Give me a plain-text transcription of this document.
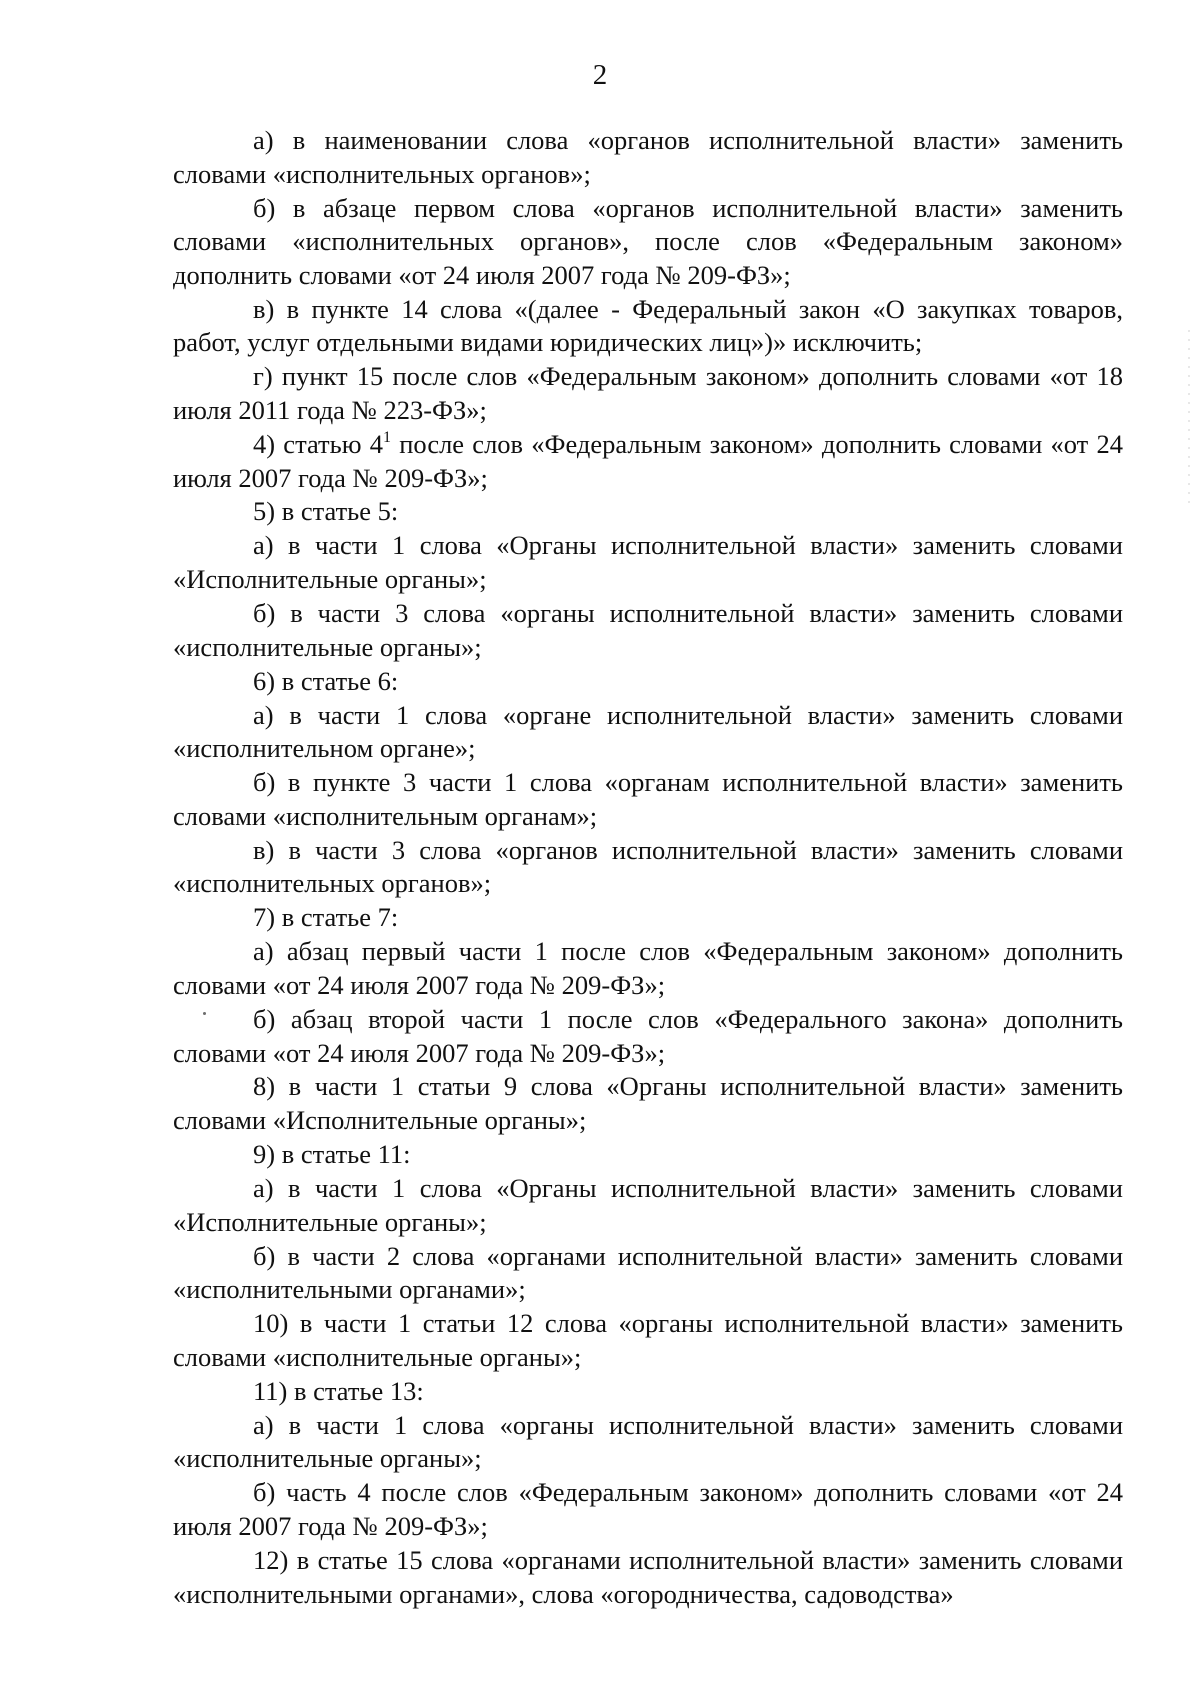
2

а) в наименовании слова «органов исполнительной власти» заменить словами «исполнительных органов»;

б) в абзаце первом слова «органов исполнительной власти» заменить словами «исполнительных органов», после слов «Федеральным законом» дополнить словами «от 24 июля 2007 года № 209-ФЗ»;

в) в пункте 14 слова «(далее - Федеральный закон «О закупках товаров, работ, услуг отдельными видами юридических лиц»)» исключить;

г) пункт 15 после слов «Федеральным законом» дополнить словами «от 18 июля 2011 года № 223-ФЗ»;

4) статью $4^1$ после слов «Федеральным законом» дополнить словами «от 24 июля 2007 года № 209-ФЗ»;

5) в статье 5:

а) в части 1 слова «Органы исполнительной власти» заменить словами «Исполнительные органы»;

б) в части 3 слова «органы исполнительной власти» заменить словами «исполнительные органы»;

6) в статье 6:

а) в части 1 слова «органе исполнительной власти» заменить словами «исполнительном органе»;

б) в пункте 3 части 1 слова «органам исполнительной власти» заменить словами «исполнительным органам»;

в) в части 3 слова «органов исполнительной власти» заменить словами «исполнительных органов»;

7) в статье 7:

а) абзац первый части 1 после слов «Федеральным законом» дополнить словами «от 24 июля 2007 года № 209-ФЗ»;

б) абзац второй части 1 после слов «Федерального закона» дополнить словами «от 24 июля 2007 года № 209-ФЗ»;

8) в части 1 статьи 9 слова «Органы исполнительной власти» заменить словами «Исполнительные органы»;

9) в статье 11:

а) в части 1 слова «Органы исполнительной власти» заменить словами «Исполнительные органы»;

б) в части 2 слова «органами исполнительной власти» заменить словами «исполнительными органами»;

10) в части 1 статьи 12 слова «органы исполнительной власти» заменить словами «исполнительные органы»;

11) в статье 13:

а) в части 1 слова «органы исполнительной власти» заменить словами «исполнительные органы»;

б) часть 4 после слов «Федеральным законом» дополнить словами «от 24 июля 2007 года № 209-ФЗ»;

12) в статье 15 слова «органами исполнительной власти» заменить словами «исполнительными органами», слова «огородничества, садоводства»
